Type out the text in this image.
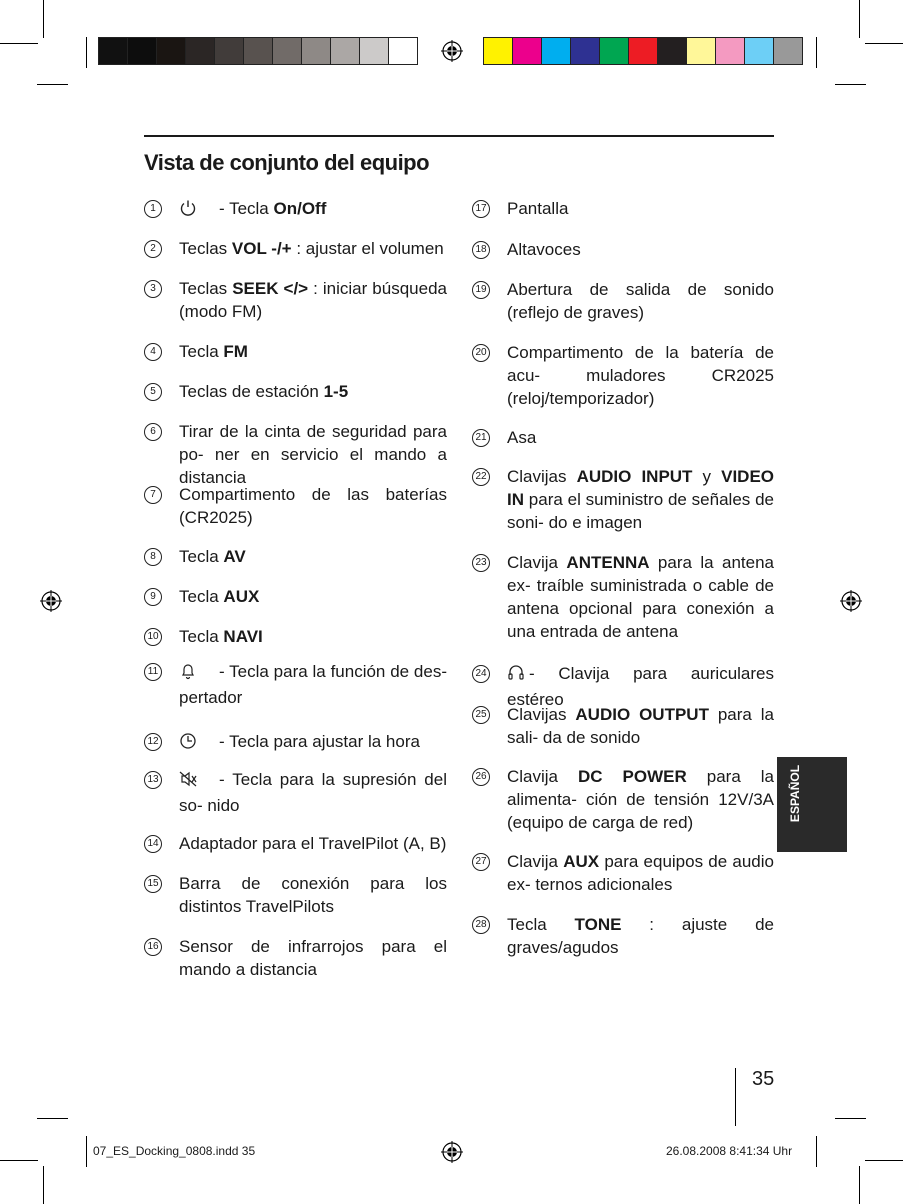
Vista de conjunto del equipo
1	- Tecla On/Off
2	Teclas VOL -/+ : ajustar el volumen
3	Teclas SEEK </> : iniciar búsqueda (modo FM)
4	Tecla FM
5	Teclas de estación 1-5
6	Tirar de la cinta de seguridad para po- ner en servicio el mando a distancia
7	Compartimento de las baterías (CR2025)
8	Tecla AV
9	Tecla AUX
10 Tecla NAVI
11	- Tecla para la función de des- pertador
12	- Tecla para ajustar la hora
13	- Tecla para la supresión del so- nido
14 Adaptador para el TravelPilot (A, B)
15 Barra de conexión para los distintos TravelPilots
16 Sensor de infrarrojos para el mando a distancia
17 Pantalla
18 Altavoces
19 Abertura de salida de sonido (reflejo de graves)
20 Compartimento de la batería de acu- muladores CR2025 (reloj/temporizador)
21 Asa
22 Clavijas AUDIO INPUT y VIDEO IN para el suministro de señales de soni- do e imagen
23 Clavija ANTENNA para la antena ex- traíble suministrada o cable de antena opcional para conexión a una entrada de antena
24	- Clavija para auriculares estéreo
25 Clavijas AUDIO OUTPUT para la sali- da de sonido
26 Clavija DC POWER para la alimenta- ción de tensión 12V/3A (equipo de carga de red)
27 Clavija AUX para equipos de audio ex- ternos adicionales
28 Tecla TONE : ajuste de graves/agudos
ESPAÑOL
35
07_ES_Docking_0808.indd 35	26.08.2008 8:41:34 Uhr
